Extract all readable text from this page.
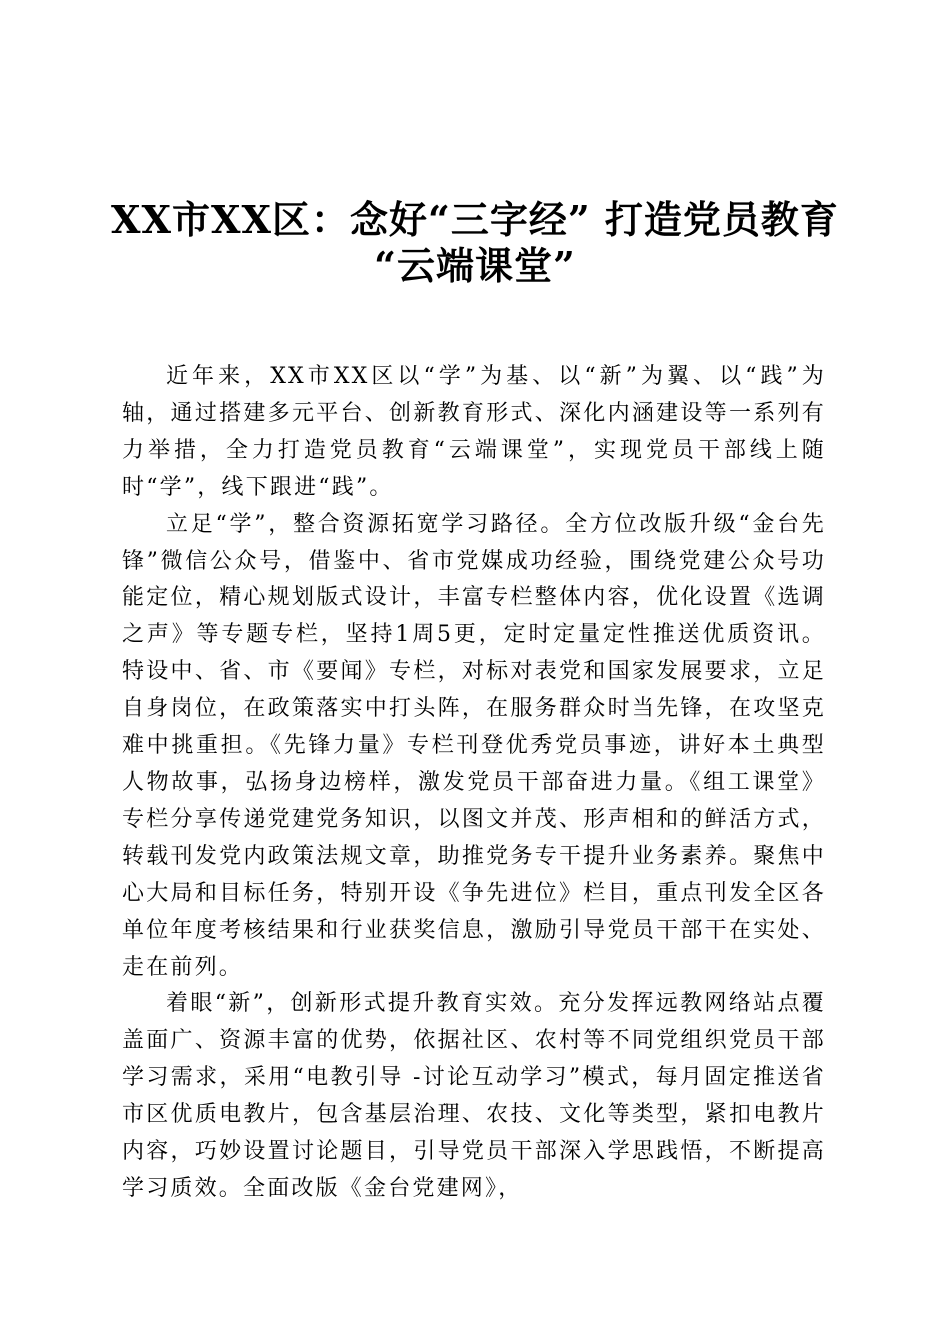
XX市XX区：念好“三字经” 打造党员教育
“云端课堂”

近年来，XX市XX区以“学”为基、以“新”为翼、以“践”为轴，通过搭建多元平台、创新教育形式、深化内涵建设等一系列有力举措，全力打造党员教育“云端课堂”，实现党员干部线上随时“学”，线下跟进“践”。

立足“学”，整合资源拓宽学习路径。全方位改版升级“金台先锋”微信公众号，借鉴中、省市党媒成功经验，围绕党建公众号功能定位，精心规划版式设计，丰富专栏整体内容，优化设置《选调之声》等专题专栏，坚持1周5更，定时定量定性推送优质资讯。特设中、省、市《要闻》专栏，对标对表党和国家发展要求，立足自身岗位，在政策落实中打头阵，在服务群众时当先锋，在攻坚克难中挑重担。《先锋力量》专栏刊登优秀党员事迹，讲好本土典型人物故事，弘扬身边榜样，激发党员干部奋进力量。《组工课堂》专栏分享传递党建党务知识，以图文并茂、形声相和的鲜活方式，转载刊发党内政策法规文章，助推党务专干提升业务素养。聚焦中心大局和目标任务，特别开设《争先进位》栏目，重点刊发全区各单位年度考核结果和行业获奖信息，激励引导党员干部干在实处、走在前列。

着眼“新”，创新形式提升教育实效。充分发挥远教网络站点覆盖面广、资源丰富的优势，依据社区、农村等不同党组织党员干部学习需求，采用“电教引导 -讨论互动学习”模式，每月固定推送省市区优质电教片，包含基层治理、农技、文化等类型，紧扣电教片内容，巧妙设置讨论题目，引导党员干部深入学思践悟，不断提高学习质效。全面改版《金台党建网》，
